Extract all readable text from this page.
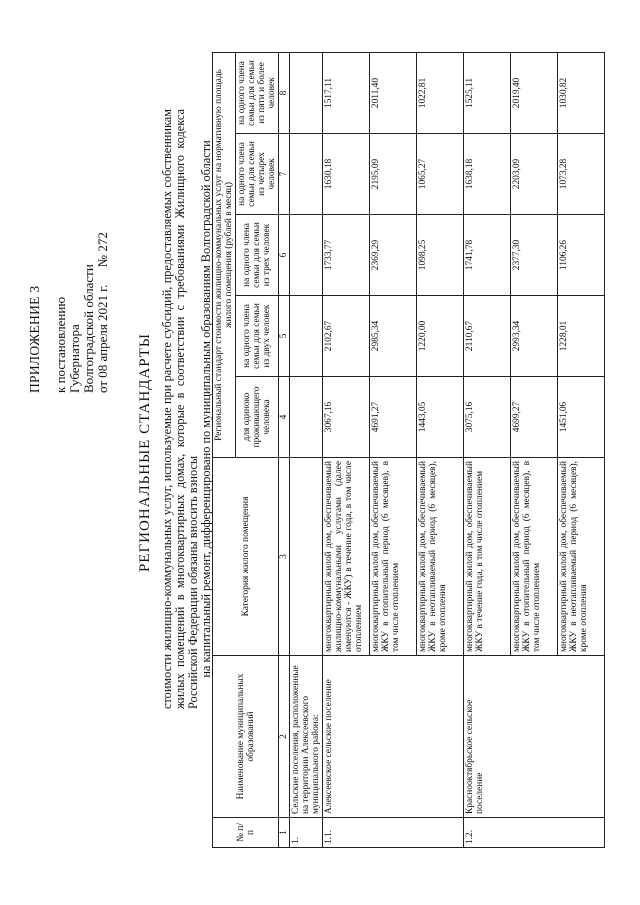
ПРИЛОЖЕНИЕ 3 к постановлению Губернатора Волгоградской области от 08 апреля 2021 г. № 272
РЕГИОНАЛЬНЫЕ СТАНДАРТЫ стоимости жилищно-коммунальных услуг, используемые при расчете субсидий, предоставляемых собственникам жилых помещений в многоквартирных домах, которые в соответствии с требованиями Жилищного кодекса Российской Федерации обязаны вносить взносы на капитальный ремонт, дифференцировано по муниципальным образованиям Волгоградской области
№ п/п	Наименование муниципальных образований	Категория жилого помещения	Региональный стандарт стоимости жилищно-коммунальных услуг на нормативную площадь жилого помещения (рублей в месяц)				
			для одиноко проживающего человека	на одного члена семьи для семьи из двух человек	на одного члена семьи для семьи из трех человек	на одного члена семьи для семьи из четырех человек	на одного члена семьи для семьи из пяти и более человек
1	2	3	4	5	6	7	8
1.	Сельские поселения, расположенные на территории Алексеевского муниципального района:						
1.1.	Алексеевское сельское поселение	многоквартирный жилой дом, обеспечиваемый жилищно-коммунальными услугами (далее именуются - ЖКУ) в течение года, в том числе отоплением	3067,16	2102,67	1733,77	1630,18	1517,11
		многоквартирный жилой дом, обеспечиваемый ЖКУ в отопительный период (6 месяцев), в том числе отоплением	4691,27	2985,34	2369,29	2195,09	2011,40
		многоквартирный жилой дом, обеспечиваемый ЖКУ в неотапливаемый период (6 месяцев), кроме отопления	1443,05	1220,00	1098,25	1065,27	1022,81
1.2.	Краснооктябрьское сельское поселение	многоквартирный жилой дом, обеспечиваемый ЖКУ в течение года, в том числе отоплением	3075,16	2110,67	1741,78	1638,18	1525,11
		многоквартирный жилой дом, обеспечиваемый ЖКУ в отопительный период (6 месяцев), в том числе отоплением	4699,27	2993,34	2377,30	2203,09	2019,40
		многоквартирный жилой дом, обеспечиваемый ЖКУ в неотапливаемый период (6 месяцев), кроме отопления	1451,06	1228,01	1106,26	1073,28	1030,82
